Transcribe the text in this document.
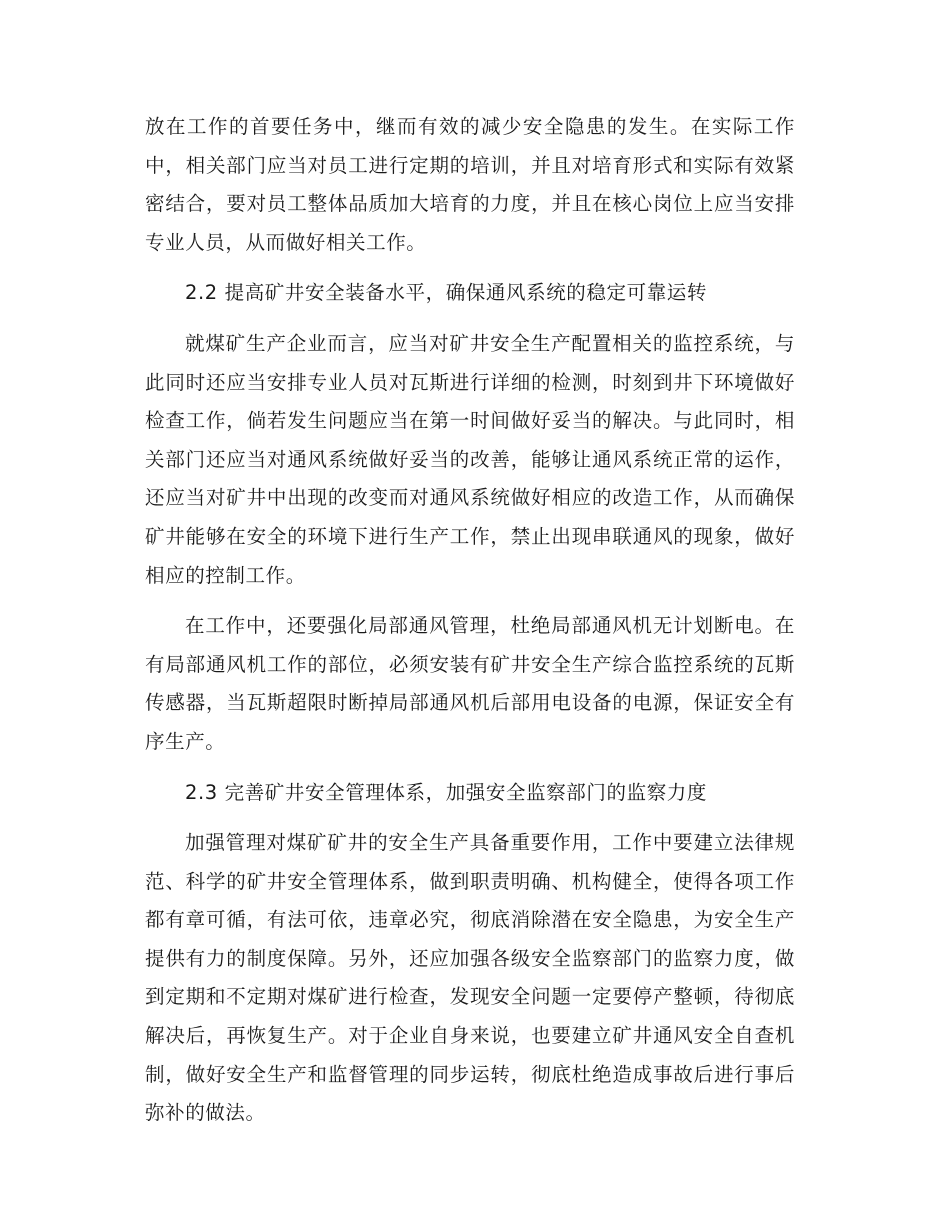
放在工作的首要任务中，继而有效的减少安全隐患的发生。在实际工作中，相关部门应当对员工进行定期的培训，并且对培育形式和实际有效紧密结合，要对员工整体品质加大培育的力度，并且在核心岗位上应当安排专业人员，从而做好相关工作。

2.2 提高矿井安全装备水平，确保通风系统的稳定可靠运转

就煤矿生产企业而言，应当对矿井安全生产配置相关的监控系统，与此同时还应当安排专业人员对瓦斯进行详细的检测，时刻到井下环境做好检查工作，倘若发生问题应当在第一时间做好妥当的解决。与此同时，相关部门还应当对通风系统做好妥当的改善，能够让通风系统正常的运作，还应当对矿井中出现的改变而对通风系统做好相应的改造工作，从而确保矿井能够在安全的环境下进行生产工作，禁止出现串联通风的现象，做好相应的控制工作。

在工作中，还要强化局部通风管理，杜绝局部通风机无计划断电。在有局部通风机工作的部位，必须安装有矿井安全生产综合监控系统的瓦斯传感器，当瓦斯超限时断掉局部通风机后部用电设备的电源，保证安全有序生产。

2.3 完善矿井安全管理体系，加强安全监察部门的监察力度

加强管理对煤矿矿井的安全生产具备重要作用，工作中要建立法律规范、科学的矿井安全管理体系，做到职责明确、机构健全，使得各项工作都有章可循，有法可依，违章必究，彻底消除潜在安全隐患，为安全生产提供有力的制度保障。另外，还应加强各级安全监察部门的监察力度，做到定期和不定期对煤矿进行检查，发现安全问题一定要停产整顿，待彻底解决后，再恢复生产。对于企业自身来说，也要建立矿井通风安全自查机制，做好安全生产和监督管理的同步运转，彻底杜绝造成事故后进行事后弥补的做法。
